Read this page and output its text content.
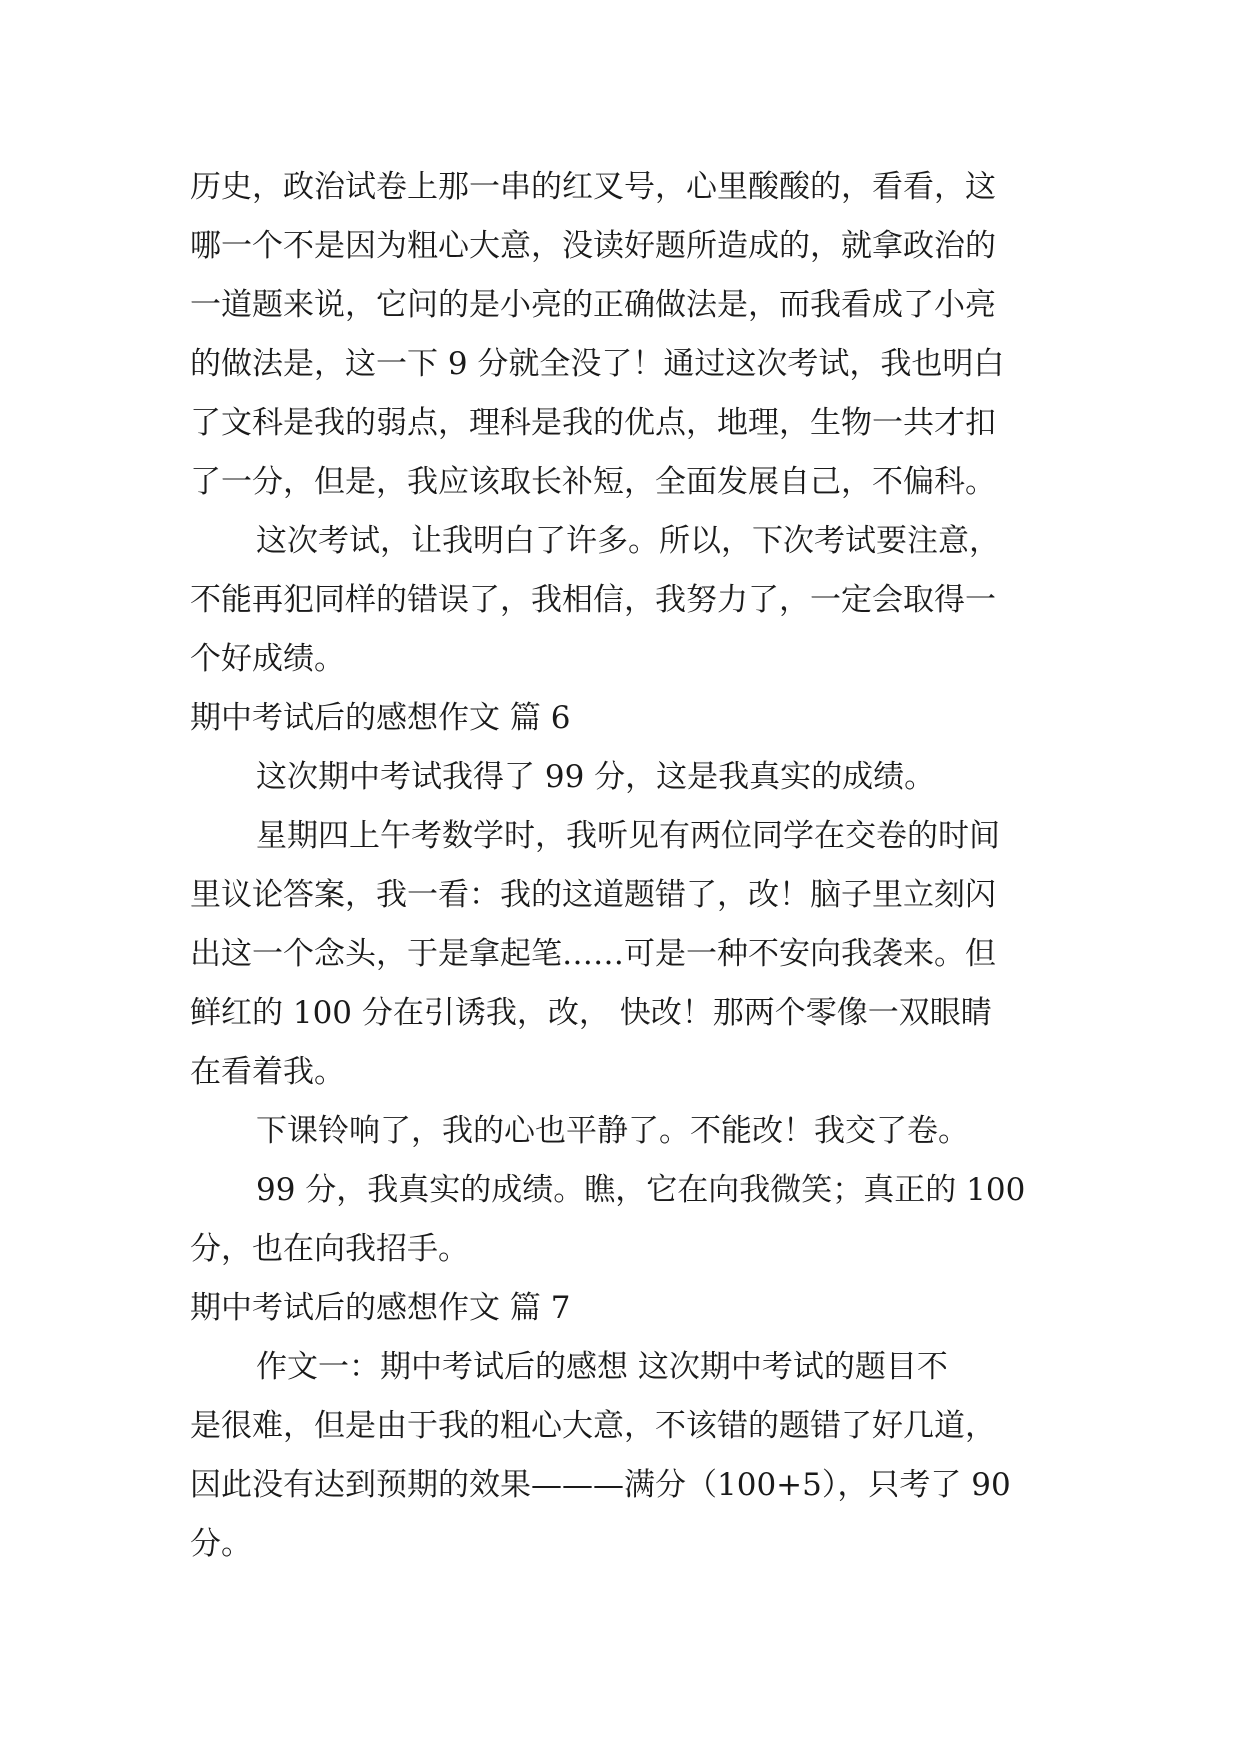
历史，政治试卷上那一串的红叉号，心里酸酸的，看看，这
哪一个不是因为粗心大意，没读好题所造成的，就拿政治的
一道题来说，它问的是小亮的正确做法是，而我看成了小亮
的做法是，这一下 9 分就全没了！通过这次考试，我也明白
了文科是我的弱点，理科是我的优点，地理，生物一共才扣
了一分，但是，我应该取长补短，全面发展自己，不偏科。
这次考试，让我明白了许多。所以，下次考试要注意，
不能再犯同样的错误了，我相信，我努力了，一定会取得一
个好成绩。
期中考试后的感想作文 篇 6
这次期中考试我得了 99 分，这是我真实的成绩。
星期四上午考数学时，我听见有两位同学在交卷的时间
里议论答案，我一看：我的这道题错了，改！脑子里立刻闪
出这一个念头，于是拿起笔……可是一种不安向我袭来。但
鲜红的 100 分在引诱我，改， 快改！那两个零像一双眼睛
在看着我。
下课铃响了，我的心也平静了。不能改！我交了卷。
99 分，我真实的成绩。瞧，它在向我微笑；真正的 100
分，也在向我招手。
期中考试后的感想作文 篇 7
作文一：期中考试后的感想 这次期中考试的题目不
是很难，但是由于我的粗心大意，不该错的题错了好几道，
因此没有达到预期的效果———满分（100+5），只考了 90
分。
